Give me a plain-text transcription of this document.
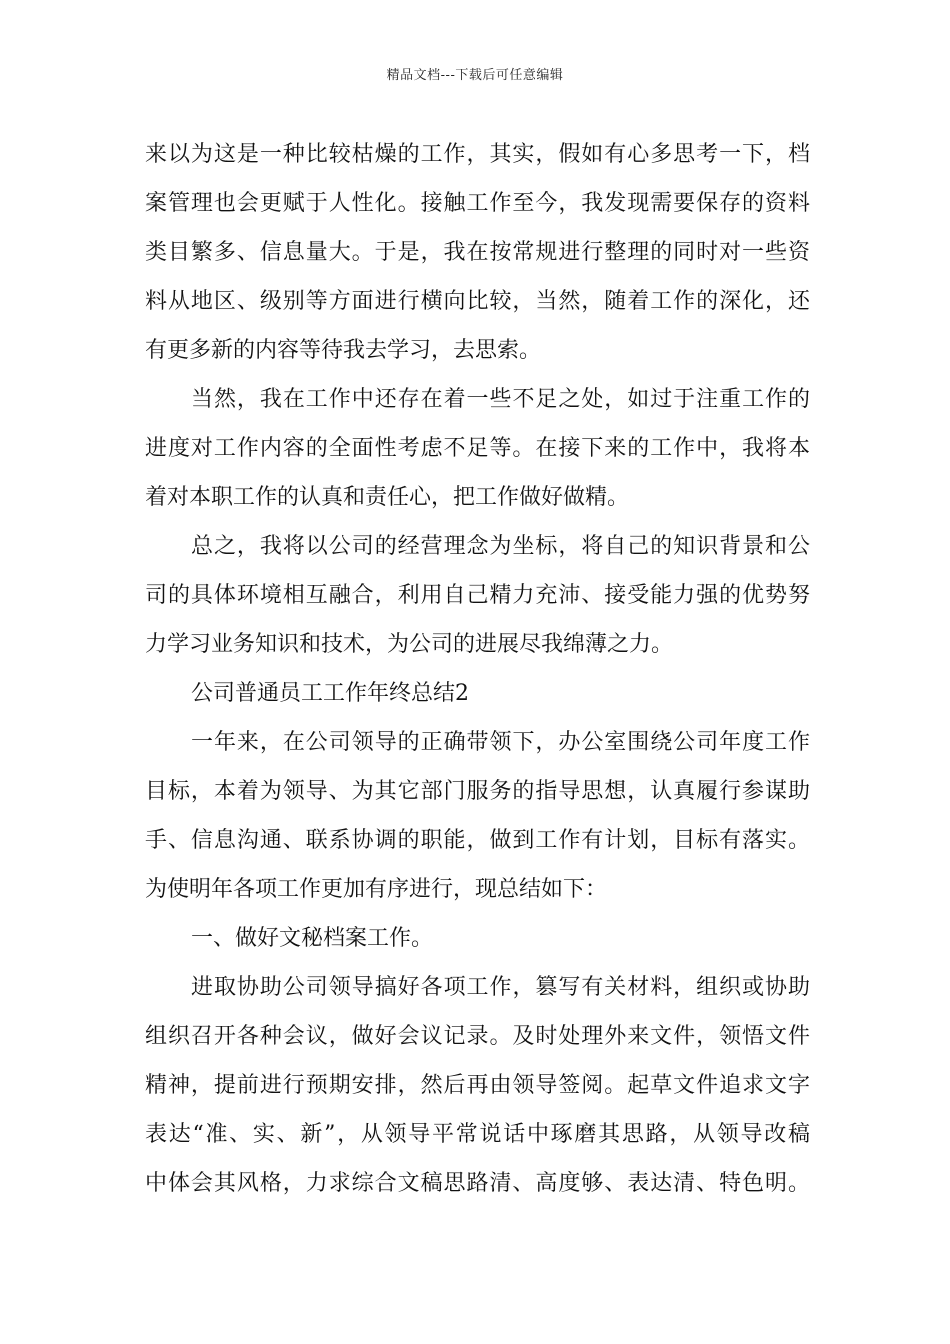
精品文档---下载后可任意编辑
来以为这是一种比较枯燥的工作，其实，假如有心多思考一下，档
案管理也会更赋于人性化。接触工作至今，我发现需要保存的资料
类目繁多、信息量大。于是，我在按常规进行整理的同时对一些资
料从地区、级别等方面进行横向比较，当然，随着工作的深化，还
有更多新的内容等待我去学习，去思索。
当然，我在工作中还存在着一些不足之处，如过于注重工作的
进度对工作内容的全面性考虑不足等。在接下来的工作中，我将本
着对本职工作的认真和责任心，把工作做好做精。
总之，我将以公司的经营理念为坐标，将自己的知识背景和公
司的具体环境相互融合，利用自己精力充沛、接受能力强的优势努
力学习业务知识和技术，为公司的进展尽我绵薄之力。
公司普通员工工作年终总结2
一年来，在公司领导的正确带领下，办公室围绕公司年度工作
目标，本着为领导、为其它部门服务的指导思想，认真履行参谋助
手、信息沟通、联系协调的职能，做到工作有计划，目标有落实。
为使明年各项工作更加有序进行，现总结如下：
一、做好文秘档案工作。
进取协助公司领导搞好各项工作，篡写有关材料，组织或协助
组织召开各种会议，做好会议记录。及时处理外来文件，领悟文件
精神，提前进行预期安排，然后再由领导签阅。起草文件追求文字
表达“准、实、新”，从领导平常说话中琢磨其思路，从领导改稿
中体会其风格，力求综合文稿思路清、高度够、表达清、特色明。
